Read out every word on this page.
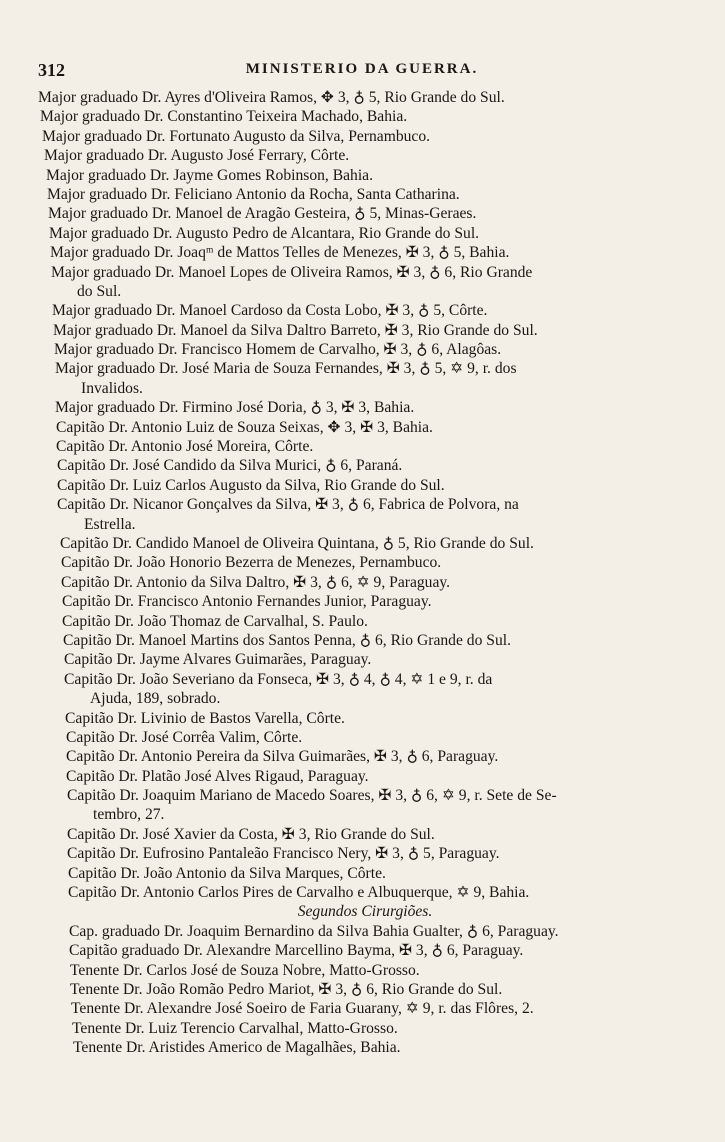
312	MINISTERIO DA GUERRA.
Major graduado Dr. Ayres d'Oliveira Ramos, ✥ 3, ♁ 5, Rio Grande do Sul.
Major graduado Dr. Constantino Teixeira Machado, Bahia.
Major graduado Dr. Fortunato Augusto da Silva, Pernambuco.
Major graduado Dr. Augusto José Ferrary, Côrte.
Major graduado Dr. Jayme Gomes Robinson, Bahia.
Major graduado Dr. Feliciano Antonio da Rocha, Santa Catharina.
Major graduado Dr. Manoel de Aragão Gesteira, ♁ 5, Minas-Geraes.
Major graduado Dr. Augusto Pedro de Alcantara, Rio Grande do Sul.
Major graduado Dr. Joaqᵐ de Mattos Telles de Menezes, ✠ 3, ♁ 5, Bahia.
Major graduado Dr. Manoel Lopes de Oliveira Ramos, ✠ 3, ♁ 6, Rio Grande
do Sul.
Major graduado Dr. Manoel Cardoso da Costa Lobo, ✠ 3, ♁ 5, Côrte.
Major graduado Dr. Manoel da Silva Daltro Barreto, ✠ 3, Rio Grande do Sul.
Major graduado Dr. Francisco Homem de Carvalho, ✠ 3, ♁ 6, Alagôas.
Major graduado Dr. José Maria de Souza Fernandes, ✠ 3, ♁ 5, ✡ 9, r. dos
Invalidos.
Major graduado Dr. Firmino José Doria, ♁ 3, ✠ 3, Bahia.
Capitão Dr. Antonio Luiz de Souza Seixas, ✥ 3, ✠ 3, Bahia.
Capitão Dr. Antonio José Moreira, Côrte.
Capitão Dr. José Candido da Silva Murici, ♁ 6, Paraná.
Capitão Dr. Luiz Carlos Augusto da Silva, Rio Grande do Sul.
Capitão Dr. Nicanor Gonçalves da Silva, ✠ 3, ♁ 6, Fabrica de Polvora, na
Estrella.
Capitão Dr. Candido Manoel de Oliveira Quintana, ♁ 5, Rio Grande do Sul.
Capitão Dr. João Honorio Bezerra de Menezes, Pernambuco.
Capitão Dr. Antonio da Silva Daltro, ✠ 3, ♁ 6, ✡ 9, Paraguay.
Capitão Dr. Francisco Antonio Fernandes Junior, Paraguay.
Capitão Dr. João Thomaz de Carvalhal, S. Paulo.
Capitão Dr. Manoel Martins dos Santos Penna, ♁ 6, Rio Grande do Sul.
Capitão Dr. Jayme Alvares Guimarães, Paraguay.
Capitão Dr. João Severiano da Fonseca, ✠ 3, ♁ 4, ♁ 4, ✡ 1 e 9, r. da
Ajuda, 189, sobrado.
Capitão Dr. Livinio de Bastos Varella, Côrte.
Capitão Dr. José Corrêa Valim, Côrte.
Capitão Dr. Antonio Pereira da Silva Guimarães, ✠ 3, ♁ 6, Paraguay.
Capitão Dr. Platão José Alves Rigaud, Paraguay.
Capitão Dr. Joaquim Mariano de Macedo Soares, ✠ 3, ♁ 6, ✡ 9, r. Sete de Se-
tembro, 27.
Capitão Dr. José Xavier da Costa, ✠ 3, Rio Grande do Sul.
Capitão Dr. Eufrosino Pantaleão Francisco Nery, ✠ 3, ♁ 5, Paraguay.
Capitão Dr. João Antonio da Silva Marques, Côrte.
Capitão Dr. Antonio Carlos Pires de Carvalho e Albuquerque, ✡ 9, Bahia.
Segundos Cirurgiões.
Cap. graduado Dr. Joaquim Bernardino da Silva Bahia Gualter, ♁ 6, Paraguay.
Capitão graduado Dr. Alexandre Marcellino Bayma, ✠ 3, ♁ 6, Paraguay.
Tenente Dr. Carlos José de Souza Nobre, Matto-Grosso.
Tenente Dr. João Romão Pedro Mariot, ✠ 3, ♁ 6, Rio Grande do Sul.
Tenente Dr. Alexandre José Soeiro de Faria Guarany, ✡ 9, r. das Flôres, 2.
Tenente Dr. Luiz Terencio Carvalhal, Matto-Grosso.
Tenente Dr. Aristides Americo de Magalhães, Bahia.
